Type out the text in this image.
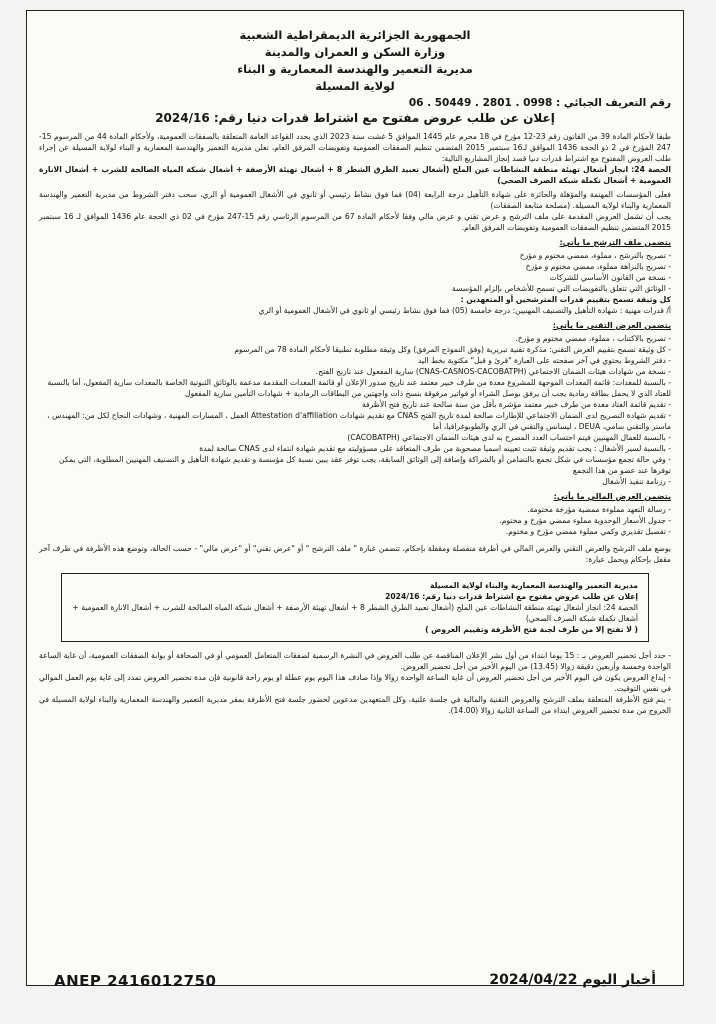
الجمهورية الجزائرية الديمقراطية الشعبية
وزارة السكن و العمران والمدينة
مديرية التعمير والهندسة المعمارية و البناء
لولاية المسيلة
رقم التعريف الجبائي : 0998 . 2801 . 50449 . 06
إعلان عن طلب عروض مفتوح مع اشتراط قدرات دنيا رقم: 2024/16

طبقا لأحكام المادة 39 من القانون رقم 23-12 مؤرخ في 18 محرم عام 1445 الموافق 5 غشت سنة 2023 الذي يحدد القواعد العامة المتعلقة بالصفقات العمومية، ولأحكام المادة 44 من المرسوم 15-247 المؤرخ في 2 ذو الحجة 1436 الموافق لـ16 سبتمبر 2015 المتضمن تنظيم الصفقات العمومية وتفويضات المرفق العام، تعلن مديرية التعمير والهندسة المعمارية و البناء لولاية المسيلة عن إجراء طلب العروض المفتوح مع اشتراط قدرات دنيا قصد إنجاز المشاريع التالية:

الحصة 24: انجاز أشغال تهيئة منطقة النشاطات عين الملح (أشغال تعبيد الطرق الشطر 8 + أشغال تهيئة الأرصفة + أشغال شبكة المياه الصالحة للشرب + أشغال الانارة العمومية + أشغال تكملة شبكة الصرف الصحي)

فعلى المؤسسات المهتمة والمؤهلة والحائزة على شهادة التأهيل درجة الرابعة (04) فما فوق نشاط رئيسي أو ثانوي في الأشغال العمومية أو الري، سحب دفتر الشروط من مديرية التعمير والهندسة المعمارية والبناء لولاية المسيلة. (مصلحة متابعة الصفقات)

يجب أن تشمل العروض المقدمة على ملف الترشح و عرض تقني و عرض مالي وفقا لأحكام المادة 67 من المرسوم الرئاسي رقم 15-247 مؤرخ في 02 ذي الحجة عام 1436 الموافق لـ 16 سبتمبر 2015 المتضمن تنظيم الصفقات العمومية وتفويضات المرفق العام.

يتضمن ملف الترشح ما يأتي:

- تصريح بالترشح ، مملوء، ممضي مختوم و مؤرخ

- تصريح بالنزاهة مملوء، ممضي مختوم و مؤرخ

- نسخة من القانون الأساسي للشركات

- الوثائق التي تتعلق بالتفويضات التي تسمح للأشخاص بإلزام المؤسسة

كل وثيقة تسمح بتقييم قدرات المترشحين أو المتعهدين :

أ/ قدرات مهنية : شهادة التأهيل والتصنيف المهنيين: درجة خامسة (05) فما فوق نشاط رئيسي أو ثانوي في الأشغال العمومية أو الري

يتضمن العرض التقني ما يأتي:

- تصريح بالاكتتاب ، مملوء، ممضي مختوم و مؤرخ.

- كل وثيقة تسمح بتقييم العرض التقني: مذكرة تقنية تبريرية (وفق النموذج المرفق) وكل وثيقة مطلوبة تطبيقا لأحكام المادة 78 من المرسوم

- دفتر الشروط يحتوي في آخر صفحته على العبارة "قرئ و قبل" مكتوبة بخط اليد

- نسخة من شهادات هيئات الضمان الاجتماعي (CNAS-CASNOS-CACOBATPH) سارية المفعول عند تاريخ الفتح.

- بالنسبة للمعدات: قائمة المعدات الموجهة للمشروع معدة من طرف خبير معتمد عند تاريخ صدور الإعلان أو قائمة المعدات المقدمة مدعمة بالوثائق الثبوتية الخاصة بالمعدات سارية المفعول، أما بالنسبة للعتاد الذي لا يحمل بطاقة رمادية يجب أن يرفق بوصل الشراء أو فواتير مرفوقة بنسخ ذات واجهتين من البطاقات الرمادية + شهادات التأمين سارية المفعول

- تقديم قائمة العتاد معدة من طرف خبير معتمد مؤشرة بأقل من سنة صالحة عند تاريخ فتح الأظرفة

- تقديم شهادة التصريح لدى الضمان الاجتماعي للإطارات صالحة لمدة تاريخ الفتح CNAS مع تقديم شهادات Attestation d'affiliation العمل ، المسارات المهنية ، وشهادات النجاح لكل من: المهندس ، ماستر والتقني سامي، DEUA ، ليسانس والتقني في الري والطوبوغرافيا، أما

- بالنسبة للعمال المهنيين فيتم احتساب العدد المصرح به لدى هيئات الضمان الاجتماعي (CACOBATPH)

- بالنسبة لسير الأشغال : يجب تقديم وثيقة تثبت تعيينه اسميا مصحوبة من طرف المتعاقد على مسؤوليته مع تقديم شهادة انتماء لدى CNAS صالحة لمدة

- وفي حالة تجمع مؤسسات في شكل تجمع بالتضامن أو بالشراكة وإضافة إلى الوثائق السابقة، يجب توفر عقد يبين نسبة كل مؤسسة و تقديم شهادة التأهيل و التصنيف المهنيين المطلوبة، التي يمكن توفرها عند عضو من هذا التجمع

- رزنامة تنفيذ الأشغال

يتضمن العرض المالي ما يأتي:

- رسالة التعهد مملوءة ممضية مؤرخة مختومة.

- جدول الأسعار الوحدوية مملوء ممضي مؤرخ و مختوم.

- تفصيل تقديري وكمي مملوء ممضي مؤرخ و مختوم.

يوضع ملف الترشح والعرض التقني والعرض المالي في أظرفة منفصلة ومقفلة بإحكام، تتضمن عبارة " ملف الترشح " أو "عرض تقني" أو "عرض مالي" - حسب الحالة، وتوضع هذه الأظرفة في ظرف آخر مقفل بإحكام ويحمل عبارة:

مديرية التعمير والهندسة المعمارية والبناء لولاية المسيلة
إعلان عن طلب عروض مفتوح مع اشتراط قدرات دنيا رقم: 2024/16
الحصة 24: انجاز أشغال تهيئة منطقة النشاطات عين الملح (أشغال تعبيد الطرق الشطر 8 + أشغال تهيئة الأرصفة + أشغال شبكة المياه الصالحة للشرب + أشغال الانارة العمومية + أشغال تكملة شبكة الصرف الصحي)
( لا تفتح إلا من طرف لجنة فتح الأظرفة وتقييم العروض )

- حدد أجل تحضير العروض بـ : 15 يوما ابتداء من أول نشر الإعلان المناقصة عن طلب العروض في النشرة الرسمية لصفقات المتعامل العمومي أو في الصحافة أو بوابة الصفقات العمومية، أن غاية الساعة الواحدة وخمسة وأربعين دقيقة زوالا (13.45) من اليوم الأخير من أجل تحضير العروض.

- إيداع العروض يكون في اليوم الأخير من أجل تحضير العروض أن غاية الساعة الواحدة زوالا وإذا صادف هذا اليوم يوم عطلة او يوم راحة قانونية فإن مدة تحضير العروض تمدد إلى غاية يوم العمل الموالي في نفس التوقيت.

- يتم فتح الأظرفة المتعلقة بملف الترشح والعروض التقنية والمالية في جلسة علنية، وكل المتعهدين مدعوين لحضور جلسة فتح الأظرفة بمقر مديرية التعمير والهندسة المعمارية والبناء لولاية المسيلة في الخروج من مدة تحضير العروض ابتداء من الساعة الثانية زوالا (14.00).

ANEP 2416012750	أخبار اليوم 2024/04/22
